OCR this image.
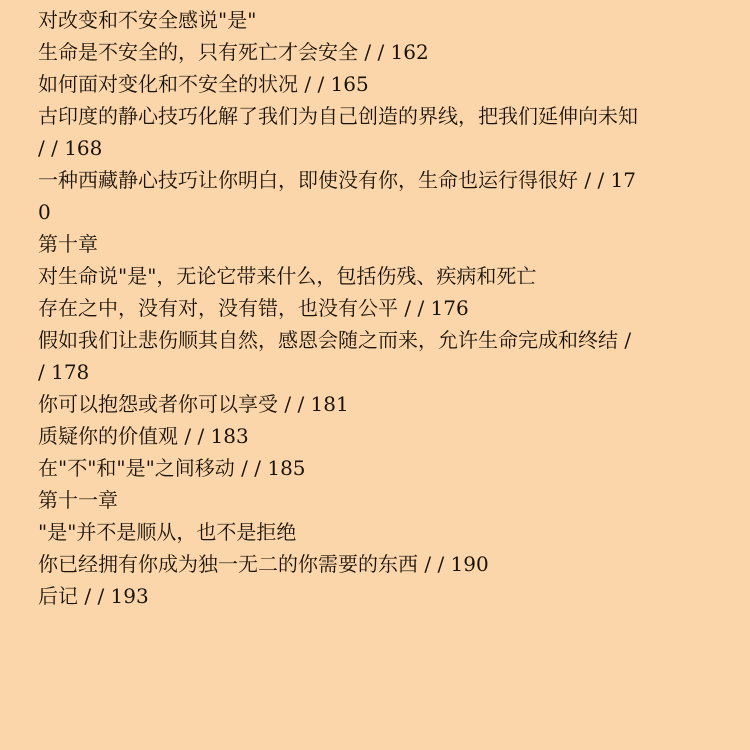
对改变和不安全感说"是"
生命是不安全的，只有死亡才会安全 / / 162
如何面对变化和不安全的状况 / / 165
古印度的静心技巧化解了我们为自己创造的界线，把我们延伸向未知
/ / 168
一种西藏静心技巧让你明白，即使没有你，生命也运行得很好 / / 17
0
第十章
对生命说"是"，无论它带来什么，包括伤残、疾病和死亡
存在之中，没有对，没有错，也没有公平 / / 176
假如我们让悲伤顺其自然，感恩会随之而来，允许生命完成和终结 /
/ 178
你可以抱怨或者你可以享受 / / 181
质疑你的价值观 / / 183
在"不"和"是"之间移动 / / 185
第十一章
"是"并不是顺从，也不是拒绝
你已经拥有你成为独一无二的你需要的东西 / / 190
后记 / / 193
